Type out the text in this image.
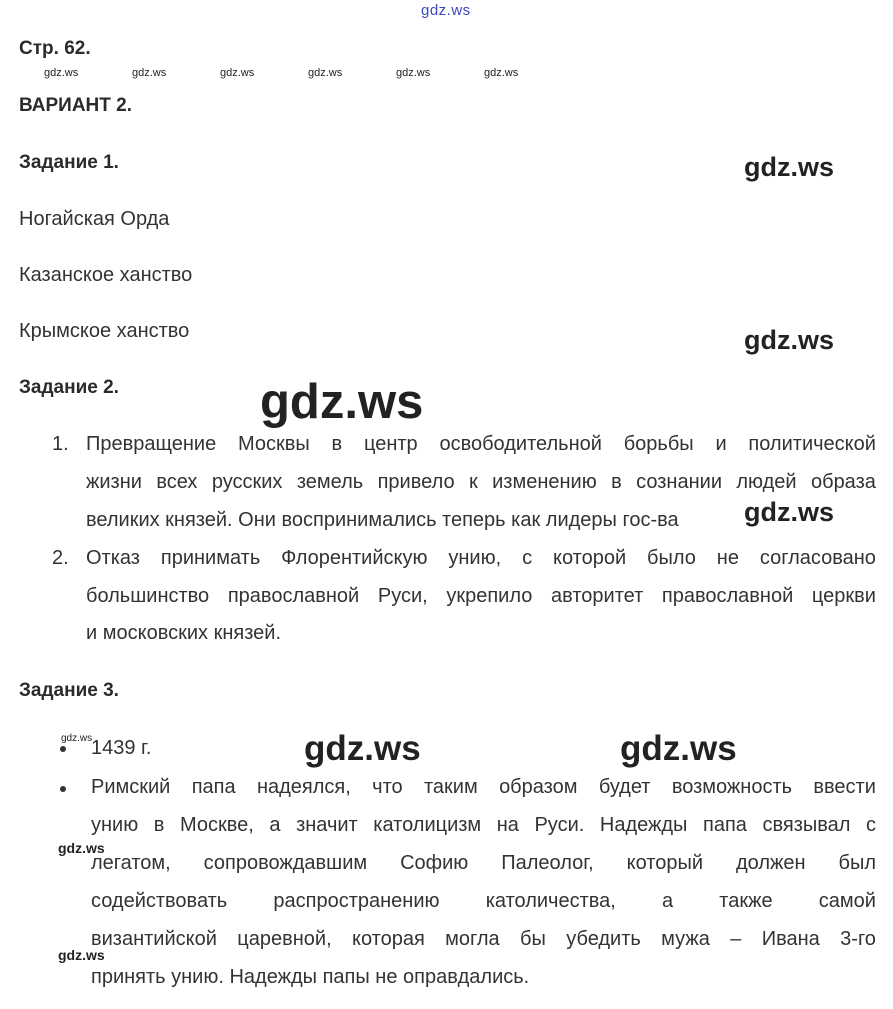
gdz.ws
gdz.ws	gdz.ws	gdz.ws	gdz.ws	gdz.ws	gdz.ws
gdz.ws
gdz.ws
gdz.ws
gdz.ws
gdz.ws	gdz.ws
gdz.ws
gdz.ws
gdz.ws
Стр. 62.
ВАРИАНТ 2.
Задание 1.
Ногайская Орда
Казанское ханство
Крымское ханство
Задание 2.
1. Превращение Москвы в центр освободительной борьбы и политической
жизни всех русских земель привело к изменению в сознании людей образа
великих князей. Они воспринимались теперь как лидеры гос-ва
2. Отказ принимать Флорентийскую унию, с которой было не согласовано
большинство православной Руси, укрепило авторитет православной церкви
и московских князей.
Задание 3.
1439 г.
Римский папа надеялся, что таким образом будет возможность ввести
унию в Москве, а значит католицизм на Руси. Надежды папа связывал с
легатом, сопровождавшим Софию Палеолог, который должен был
содействовать распространению католичества, а также самой
византийской царевной, которая могла бы убедить мужа – Ивана 3-го
принять унию. Надежды папы не оправдались.
